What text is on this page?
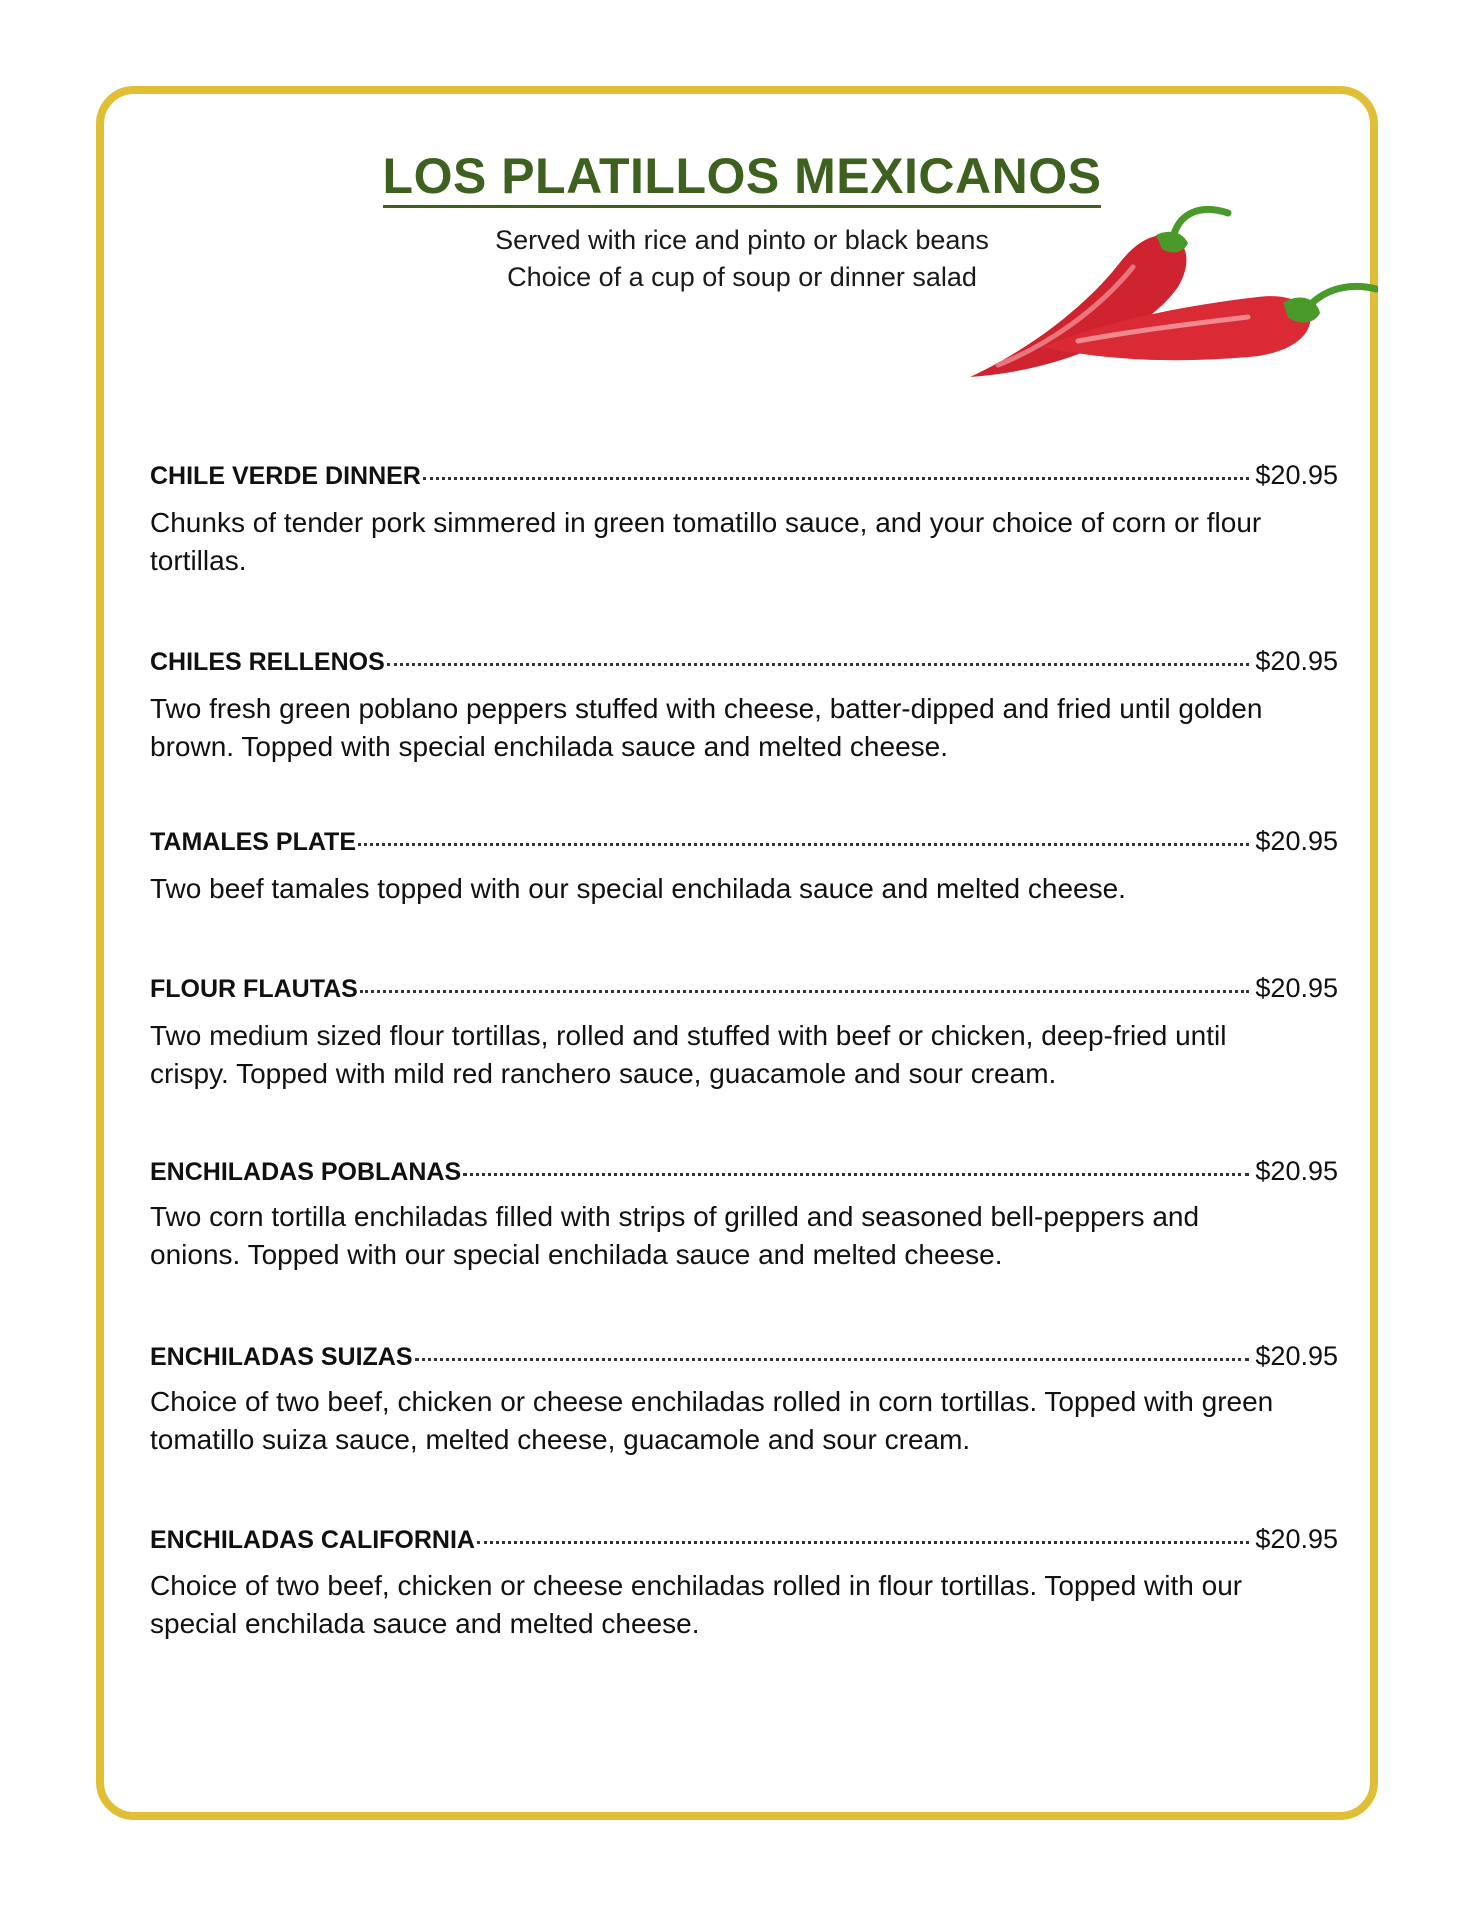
LOS PLATILLOS MEXICANOS
Served with rice and pinto or black beans
Choice of a cup of soup or dinner salad
CHILE VERDE DINNER	$20.95
Chunks of tender pork simmered in green tomatillo sauce, and your choice of corn or flour tortillas.
CHILES RELLENOS	$20.95
Two fresh green poblano peppers stuffed with cheese, batter-dipped and fried until golden brown. Topped with special enchilada sauce and melted cheese.
TAMALES PLATE	$20.95
Two beef tamales topped with our special enchilada sauce and melted cheese.
FLOUR FLAUTAS	$20.95
Two medium sized flour tortillas, rolled and stuffed with beef or chicken, deep-fried until crispy. Topped with mild red ranchero sauce, guacamole and sour cream.
ENCHILADAS POBLANAS	$20.95
Two corn tortilla enchiladas filled with strips of grilled and seasoned bell-peppers and onions. Topped with our special enchilada sauce and melted cheese.
ENCHILADAS SUIZAS	$20.95
Choice of two beef, chicken or cheese enchiladas rolled in corn tortillas. Topped with green tomatillo suiza sauce, melted cheese, guacamole and sour cream.
ENCHILADAS CALIFORNIA	$20.95
Choice of two beef, chicken or cheese enchiladas rolled in flour tortillas. Topped with our special enchilada sauce and melted cheese.
